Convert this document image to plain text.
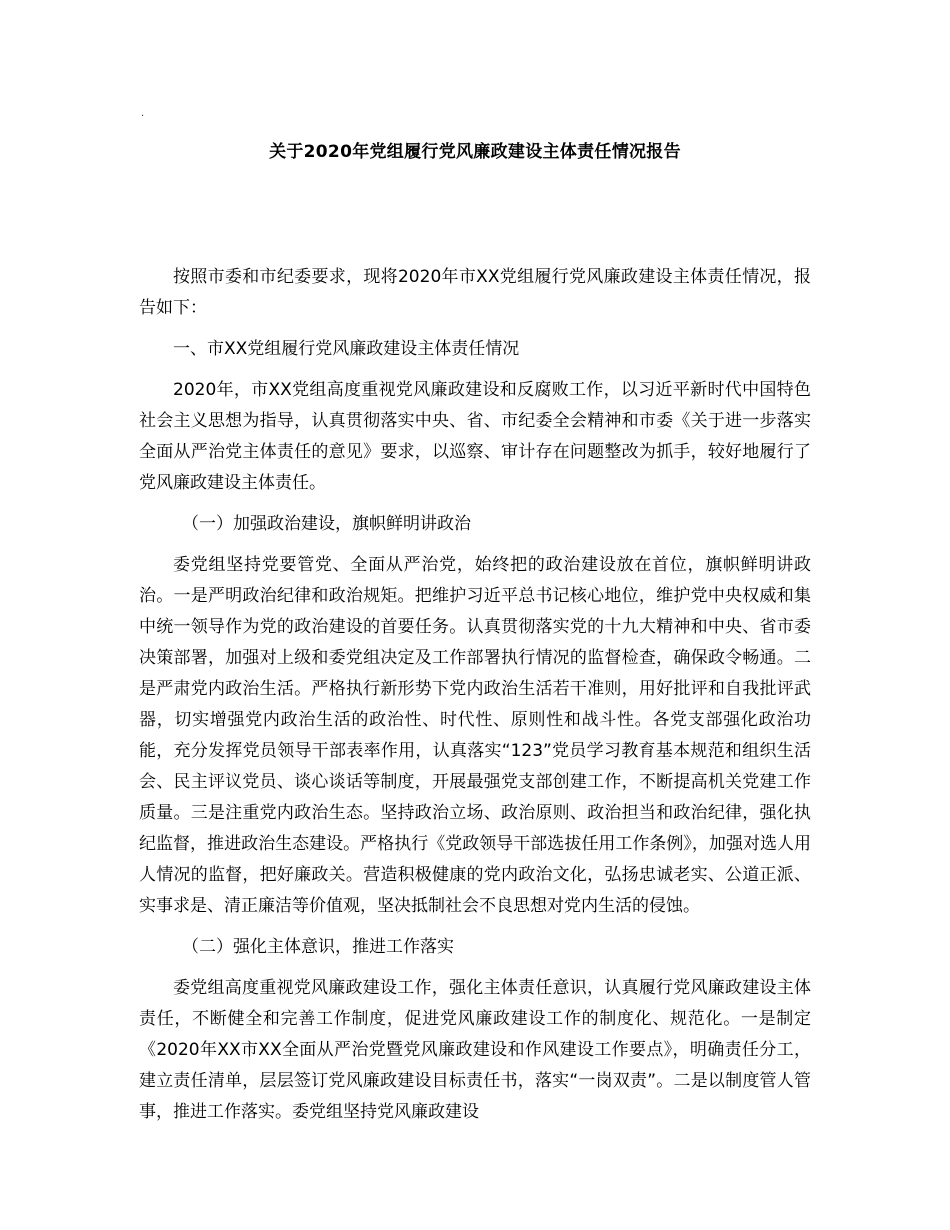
.
关于2020年党组履行党风廉政建设主体责任情况报告

按照市委和市纪委要求，现将2020年市XX党组履行党风廉政建设主体责任情况，报告如下：

一、市XX党组履行党风廉政建设主体责任情况

2020年，市XX党组高度重视党风廉政建设和反腐败工作，以习近平新时代中国特色社会主义思想为指导，认真贯彻落实中央、省、市纪委全会精神和市委《关于进一步落实全面从严治党主体责任的意见》要求，以巡察、审计存在问题整改为抓手，较好地履行了党风廉政建设主体责任。

（一）加强政治建设，旗帜鲜明讲政治

委党组坚持党要管党、全面从严治党，始终把的政治建设放在首位，旗帜鲜明讲政治。一是严明政治纪律和政治规矩。把维护习近平总书记核心地位，维护党中央权威和集中统一领导作为党的政治建设的首要任务。认真贯彻落实党的十九大精神和中央、省市委决策部署，加强对上级和委党组决定及工作部署执行情况的监督检查，确保政令畅通。二是严肃党内政治生活。严格执行新形势下党内政治生活若干准则，用好批评和自我批评武器，切实增强党内政治生活的政治性、时代性、原则性和战斗性。各党支部强化政治功能，充分发挥党员领导干部表率作用，认真落实“123”党员学习教育基本规范和组织生活会、民主评议党员、谈心谈话等制度，开展最强党支部创建工作，不断提高机关党建工作质量。三是注重党内政治生态。坚持政治立场、政治原则、政治担当和政治纪律，强化执纪监督，推进政治生态建设。严格执行《党政领导干部选拔任用工作条例》，加强对选人用人情况的监督，把好廉政关。营造积极健康的党内政治文化，弘扬忠诚老实、公道正派、实事求是、清正廉洁等价值观，坚决抵制社会不良思想对党内生活的侵蚀。

（二）强化主体意识，推进工作落实

委党组高度重视党风廉政建设工作，强化主体责任意识，认真履行党风廉政建设主体责任，不断健全和完善工作制度，促进党风廉政建设工作的制度化、规范化。一是制定《2020年XX市XX全面从严治党暨党风廉政建设和作风建设工作要点》，明确责任分工，建立责任清单，层层签订党风廉政建设目标责任书，落实“一岗双责”。二是以制度管人管事，推进工作落实。委党组坚持党风廉政建设
